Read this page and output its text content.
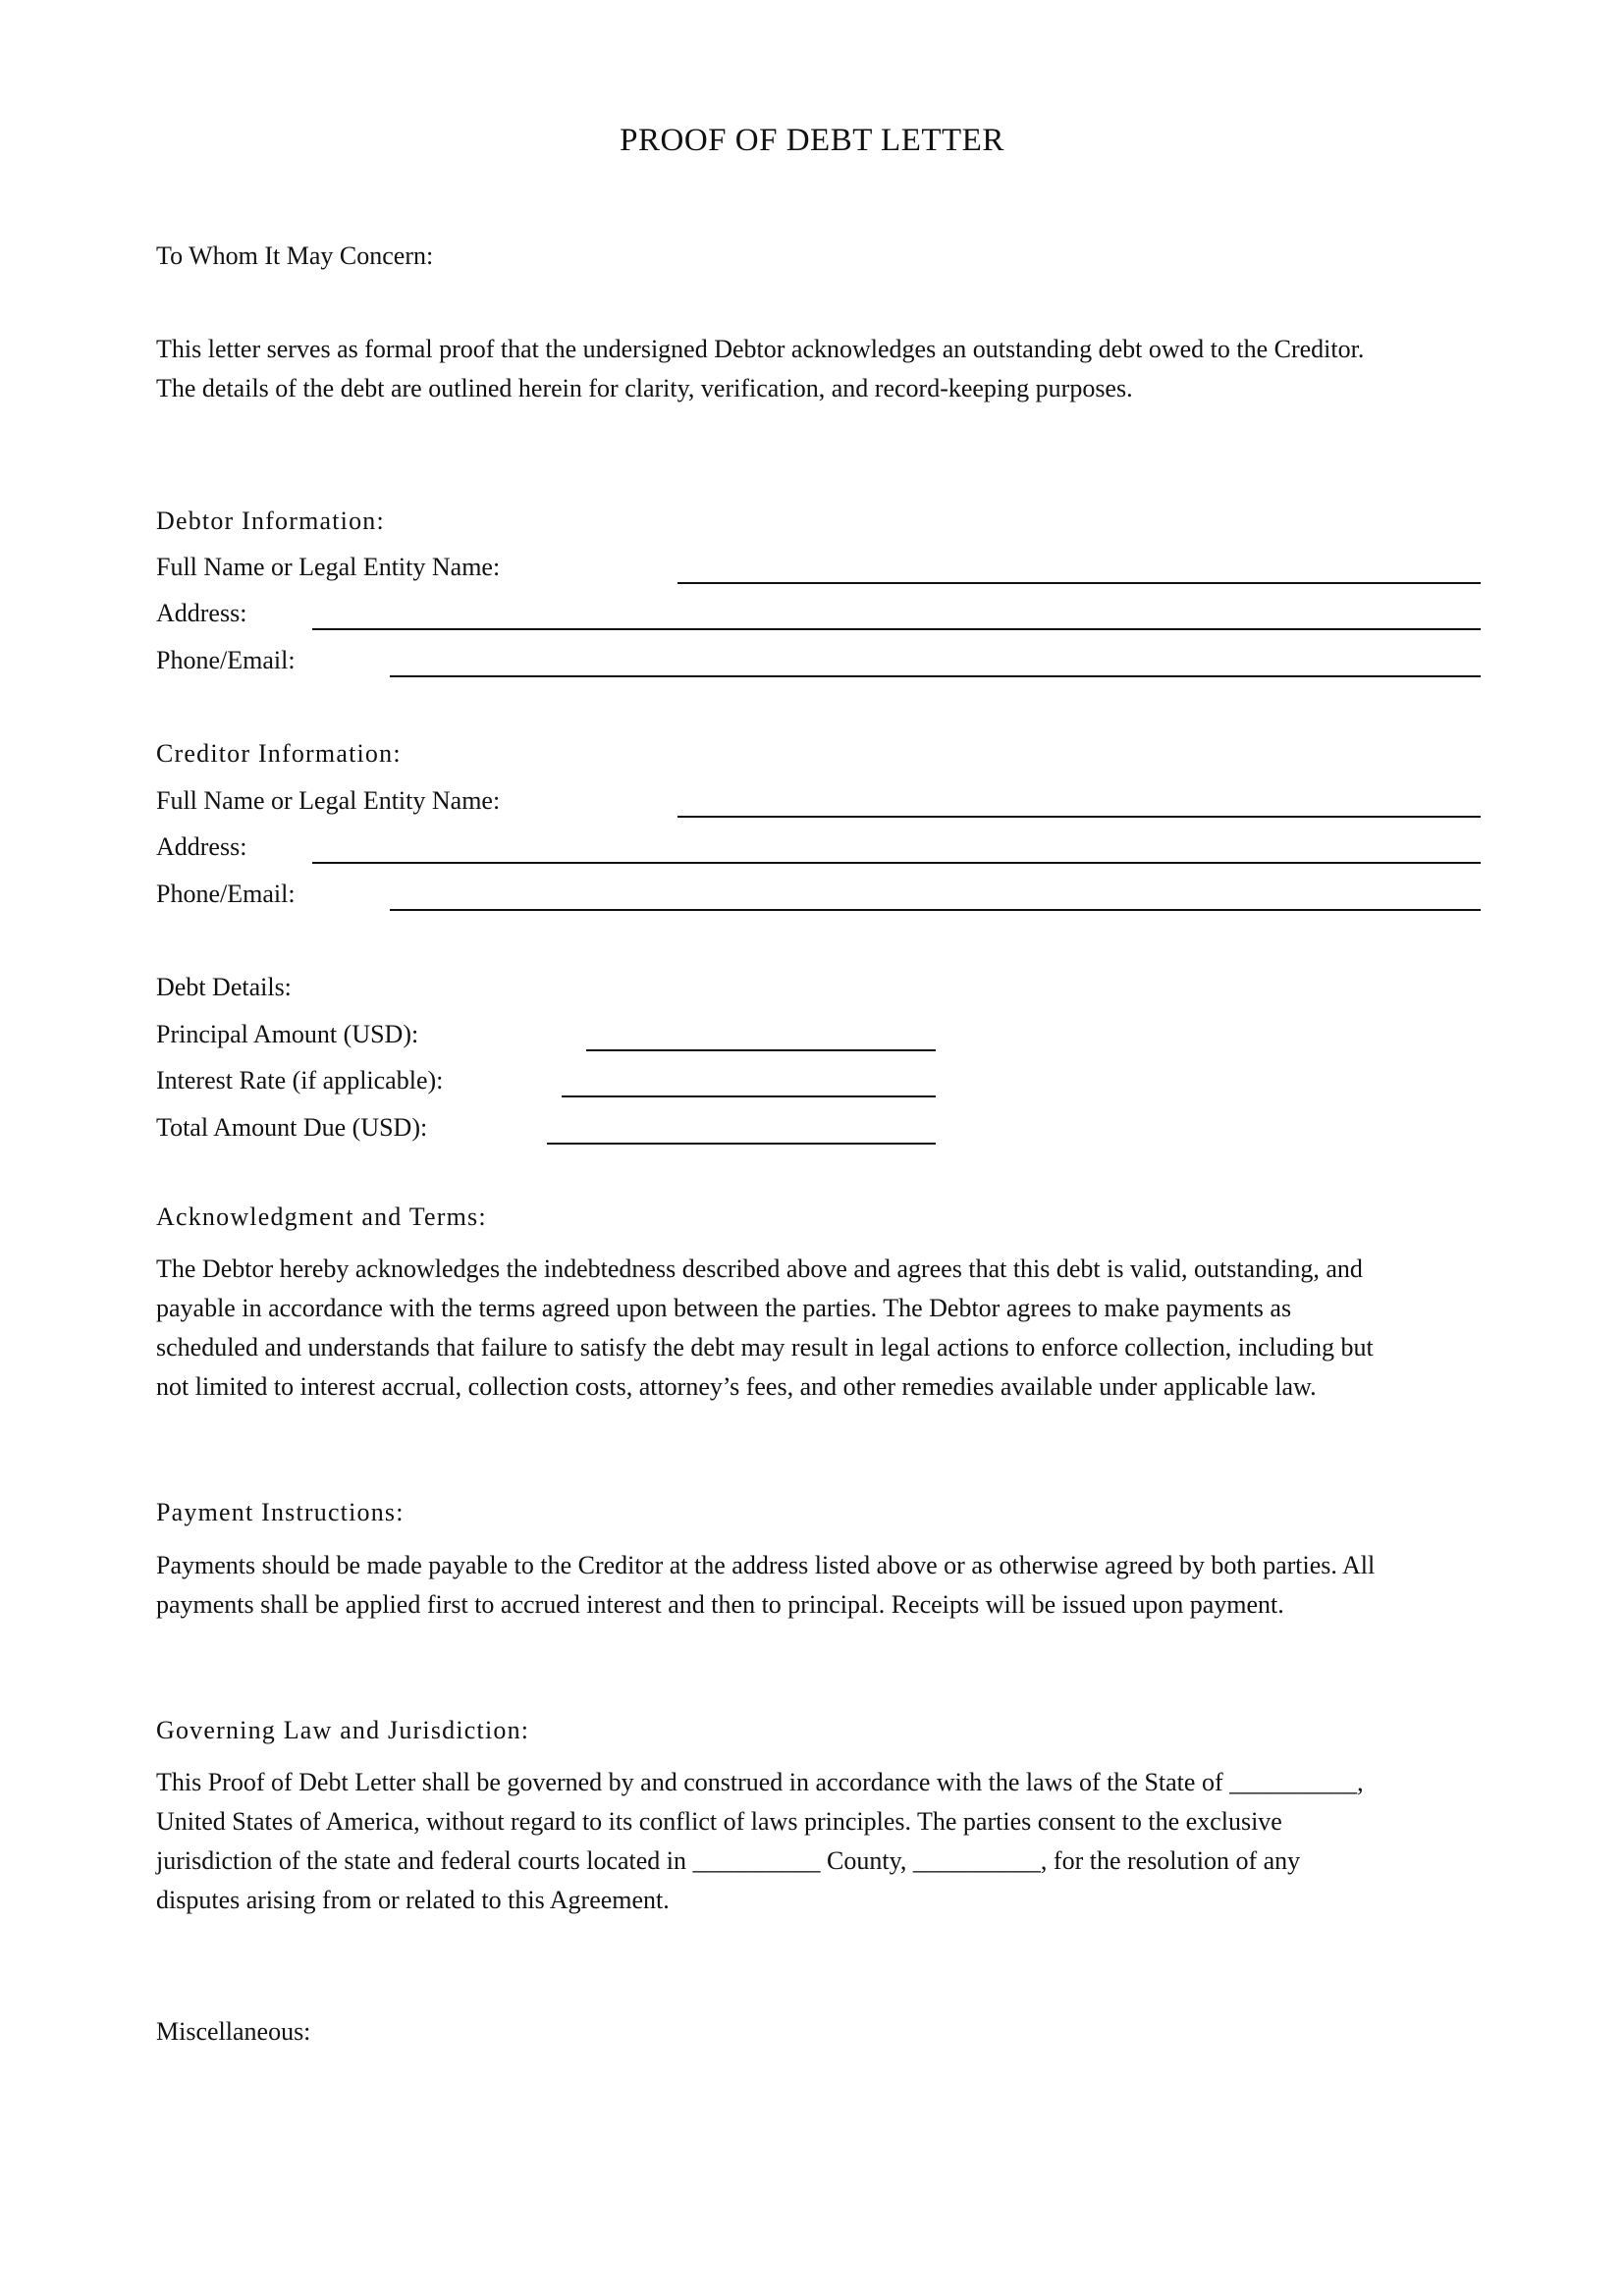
PROOF OF DEBT LETTER
To Whom It May Concern:
This letter serves as formal proof that the undersigned Debtor acknowledges an outstanding debt owed to the Creditor.
The details of the debt are outlined herein for clarity, verification, and record-keeping purposes.
Debtor Information:
Full Name or Legal Entity Name:
Address:
Phone/Email:
Creditor Information:
Full Name or Legal Entity Name:
Address:
Phone/Email:
Debt Details:
Principal Amount (USD):
Interest Rate (if applicable):
Total Amount Due (USD):
Acknowledgment and Terms:
The Debtor hereby acknowledges the indebtedness described above and agrees that this debt is valid, outstanding, and
payable in accordance with the terms agreed upon between the parties. The Debtor agrees to make payments as
scheduled and understands that failure to satisfy the debt may result in legal actions to enforce collection, including but
not limited to interest accrual, collection costs, attorney’s fees, and other remedies available under applicable law.
Payment Instructions:
Payments should be made payable to the Creditor at the address listed above or as otherwise agreed by both parties. All
payments shall be applied first to accrued interest and then to principal. Receipts will be issued upon payment.
Governing Law and Jurisdiction:
This Proof of Debt Letter shall be governed by and construed in accordance with the laws of the State of __________,
United States of America, without regard to its conflict of laws principles. The parties consent to the exclusive
jurisdiction of the state and federal courts located in __________ County, __________, for the resolution of any
disputes arising from or related to this Agreement.
Miscellaneous:
